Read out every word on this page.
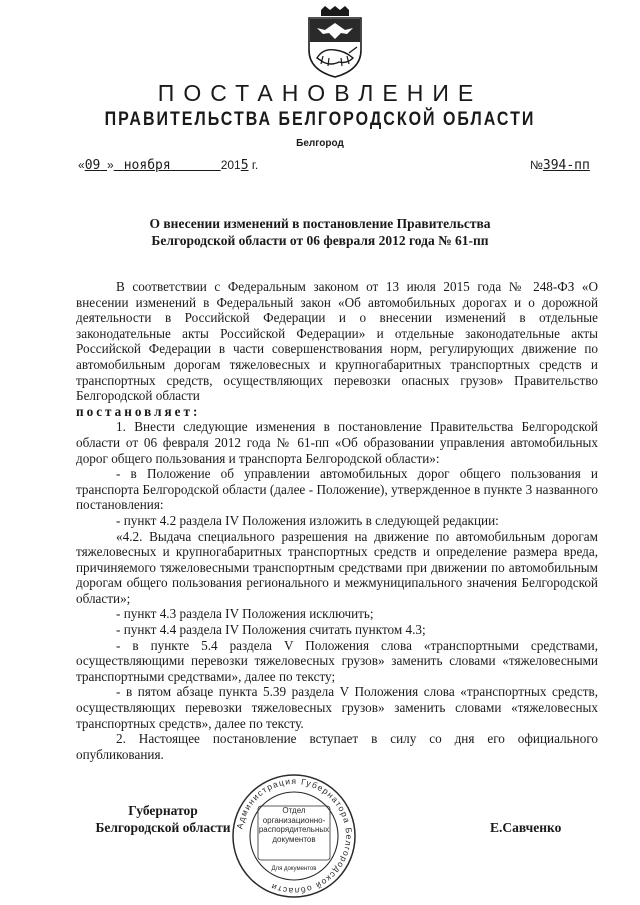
ПОСТАНОВЛЕНИЕ
ПРАВИТЕЛЬСТВА БЕЛГОРОДСКОЙ ОБЛАСТИ
Белгород
«09 » ноября	2015 г.	№394-пп
О внесении изменений в постановление Правительства
Белгородской области от 06 февраля 2012 года № 61-пп

В соответствии с Федеральным законом от 13 июля 2015 года № 248-ФЗ «О внесении изменений в Федеральный закон «Об автомобильных дорогах и о дорожной деятельности в Российской Федерации и о внесении изменений в отдельные законодательные акты Российской Федерации» и отдельные законодательные акты Российской Федерации в части совершенствования норм, регулирующих движение по автомобильным дорогам тяжеловесных и крупногабаритных транспортных средств и транспортных средств, осуществляющих перевозки опасных грузов» Правительство Белгородской области

постановляет:

1. Внести следующие изменения в постановление Правительства Белгородской области от 06 февраля 2012 года № 61-пп «Об образовании управления автомобильных дорог общего пользования и транспорта Белгородской области»:

- в Положение об управлении автомобильных дорог общего пользования и транспорта Белгородской области (далее - Положение), утвержденное в пункте 3 названного постановления:

- пункт 4.2 раздела IV Положения изложить в следующей редакции:

«4.2. Выдача специального разрешения на движение по автомобильным дорогам тяжеловесных и крупногабаритных транспортных средств и определение размера вреда, причиняемого тяжеловесными транспортным средствами при движении по автомобильным дорогам общего пользования регионального и межмуниципального значения Белгородской области»;

- пункт 4.3 раздела IV Положения исключить;

- пункт 4.4 раздела IV Положения считать пунктом 4.3;

- в пункте 5.4 раздела V Положения слова «транспортными средствами, осуществляющими перевозки тяжеловесных грузов» заменить словами «тяжеловесными транспортными средствами», далее по тексту;

- в пятом абзаце пункта 5.39 раздела V Положения слова «транспортных средств, осуществляющих перевозки тяжеловесных грузов» заменить словами «тяжеловесных транспортных средств», далее по тексту.

2. Настоящее постановление вступает в силу со дня его официального опубликования.

Губернатор
Белгородской области	Е.Савченко
Администрация Губернатора Белгородской области
Отдел
организационно-
распорядительных
документов
Для документов
